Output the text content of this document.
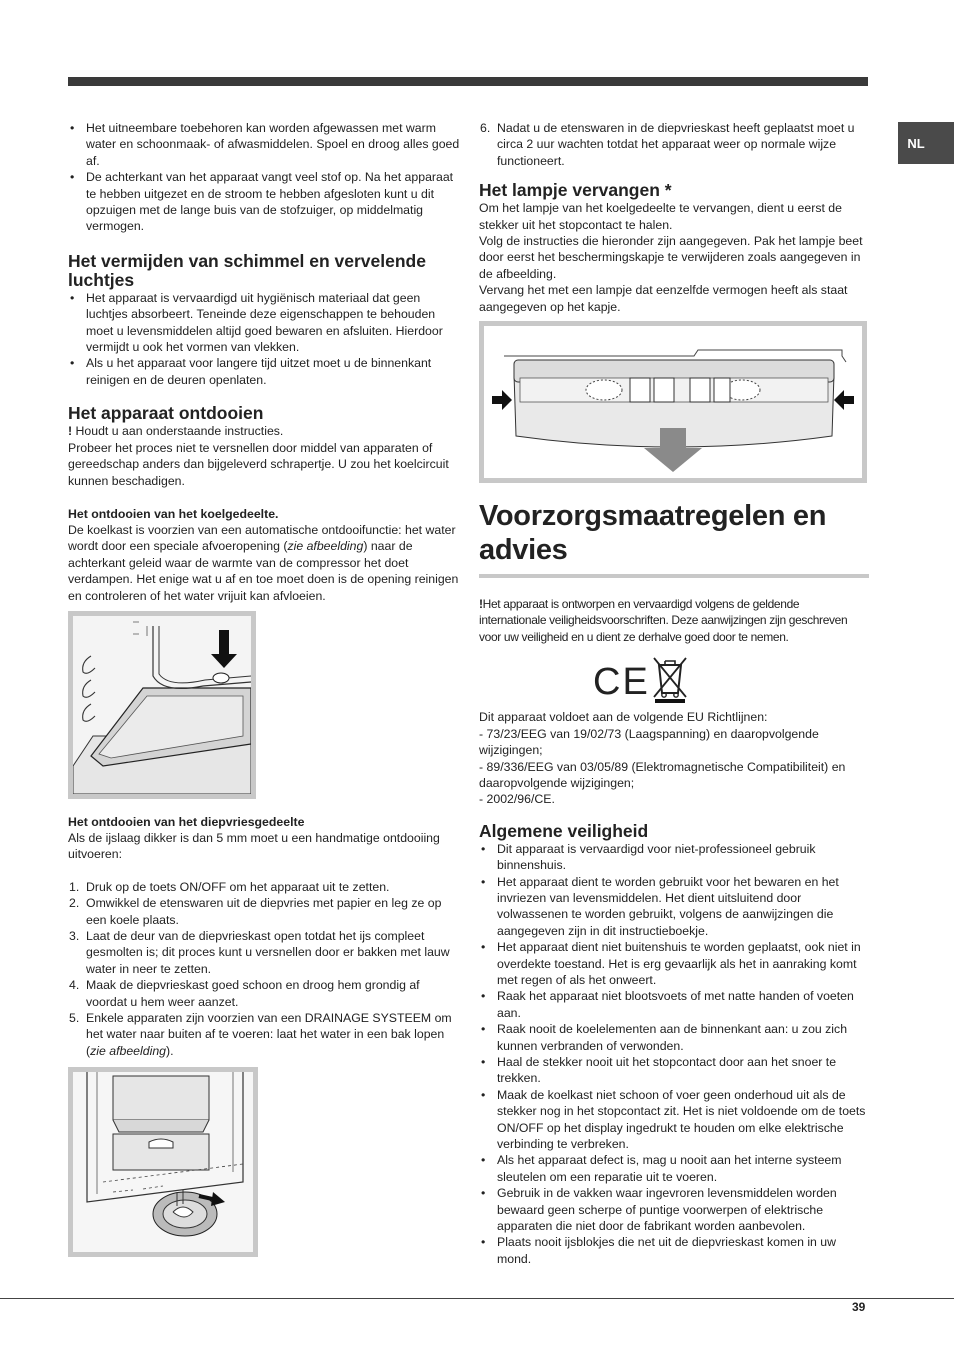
NL
• Het uitneembare toebehoren kan worden afgewassen met warm water en schoonmaak- of afwasmiddelen. Spoel en droog alles goed af.
• De achterkant van het apparaat vangt veel stof op. Na het apparaat te hebben uitgezet en de stroom te hebben afgesloten kunt u dit opzuigen met de lange buis van de stofzuiger, op middelmatig vermogen.
Het vermijden van schimmel en vervelende luchtjes
• Het apparaat is vervaardigd uit hygiënisch materiaal dat geen luchtjes absorbeert. Teneinde deze eigenschappen te behouden moet u levensmiddelen altijd goed bewaren en afsluiten. Hierdoor vermijdt u ook het vormen van vlekken.
• Als u het apparaat voor langere tijd uitzet moet u de binnenkant reinigen en de deuren openlaten.
Het apparaat ontdooien

! Houdt u aan onderstaande instructies.

Probeer het proces niet te versnellen door middel van apparaten of gereedschap anders dan bijgeleverd schrapertje. U zou het koelcircuit kunnen beschadigen.

Het ontdooien van het koelgedeelte.

De koelkast is voorzien van een automatische ontdooifunctie: het water wordt door een speciale afvoeropening (zie afbeelding) naar de achterkant geleid waar de warmte van de compressor het doet verdampen. Het enige wat u af en toe moet doen is de opening reinigen en controleren of het water vrijuit kan afvloeien.

Het ontdooien van het diepvriesgedeelte

Als de ijslaag dikker is dan 5 mm moet u een handmatige ontdooiing uitvoeren:

1. Druk op de toets ON/OFF om het apparaat uit te zetten.
2. Omwikkel de etenswaren uit de diepvries met papier en leg ze op een koele plaats.
3. Laat de deur van de diepvrieskast open totdat het ijs compleet gesmolten is; dit proces kunt u versnellen door er bakken met lauw water in neer te zetten.
4. Maak de diepvrieskast goed schoon en droog hem grondig af voordat u hem weer aanzet.
5. Enkele apparaten zijn voorzien van een DRAINAGE SYSTEEM om het water naar buiten af te voeren: laat het water in een bak lopen (zie afbeelding).
6. Nadat u de etenswaren in de diepvrieskast heeft geplaatst moet u circa 2 uur wachten totdat het apparaat weer op normale wijze functioneert.
Het lampje vervangen *

Om het lampje van het koelgedeelte te vervangen, dient u eerst de stekker uit het stopcontact te halen.

Volg de instructies die hieronder zijn aangegeven. Pak het lampje beet door eerst het beschermingskapje te verwijderen zoals aangegeven in de afbeelding.

Vervang het met een lampje dat eenzelfde vermogen heeft als staat aangegeven op het kapje.

Voorzorgsmaatregelen en
advies

!Het apparaat is ontworpen en vervaardigd volgens de geldende internationale veiligheidsvoorschriften. Deze aanwijzingen zijn geschreven voor uw veiligheid en u dient ze derhalve goed door te nemen.

CE

Dit apparaat voldoet aan de volgende EU Richtlijnen:

- 73/23/EEG van 19/02/73 (Laagspanning) en daaropvolgende wijzigingen;

- 89/336/EEG van 03/05/89 (Elektromagnetische Compatibiliteit) en daaropvolgende wijzigingen;

- 2002/96/CE.

Algemene veiligheid
• Dit apparaat is vervaardigd voor niet-professioneel gebruik binnenshuis.
• Het apparaat dient te worden gebruikt voor het bewaren en het invriezen van levensmiddelen. Het dient uitsluitend door volwassenen te worden gebruikt, volgens de aanwijzingen die aangegeven zijn in dit instructieboekje.
• Het apparaat dient niet buitenshuis te worden geplaatst, ook niet in overdekte toestand. Het is erg gevaarlijk als het in aanraking komt met regen of als het onweert.
• Raak het apparaat niet blootsvoets of met natte handen of voeten aan.
• Raak nooit de koelelementen aan de binnenkant aan: u zou zich kunnen verbranden of verwonden.
• Haal de stekker nooit uit het stopcontact door aan het snoer te trekken.
• Maak de koelkast niet schoon of voer geen onderhoud uit als de stekker nog in het stopcontact zit. Het is niet voldoende om de toets ON/OFF op het display ingedrukt te houden om elke elektrische verbinding te verbreken.
• Als het apparaat defect is, mag u nooit aan het interne systeem sleutelen om een reparatie uit te voeren.
• Gebruik in de vakken waar ingevroren levensmiddelen worden bewaard geen scherpe of puntige voorwerpen of elektrische apparaten die niet door de fabrikant worden aanbevolen.
• Plaats nooit ijsblokjes die net uit de diepvrieskast komen in uw mond.
39
